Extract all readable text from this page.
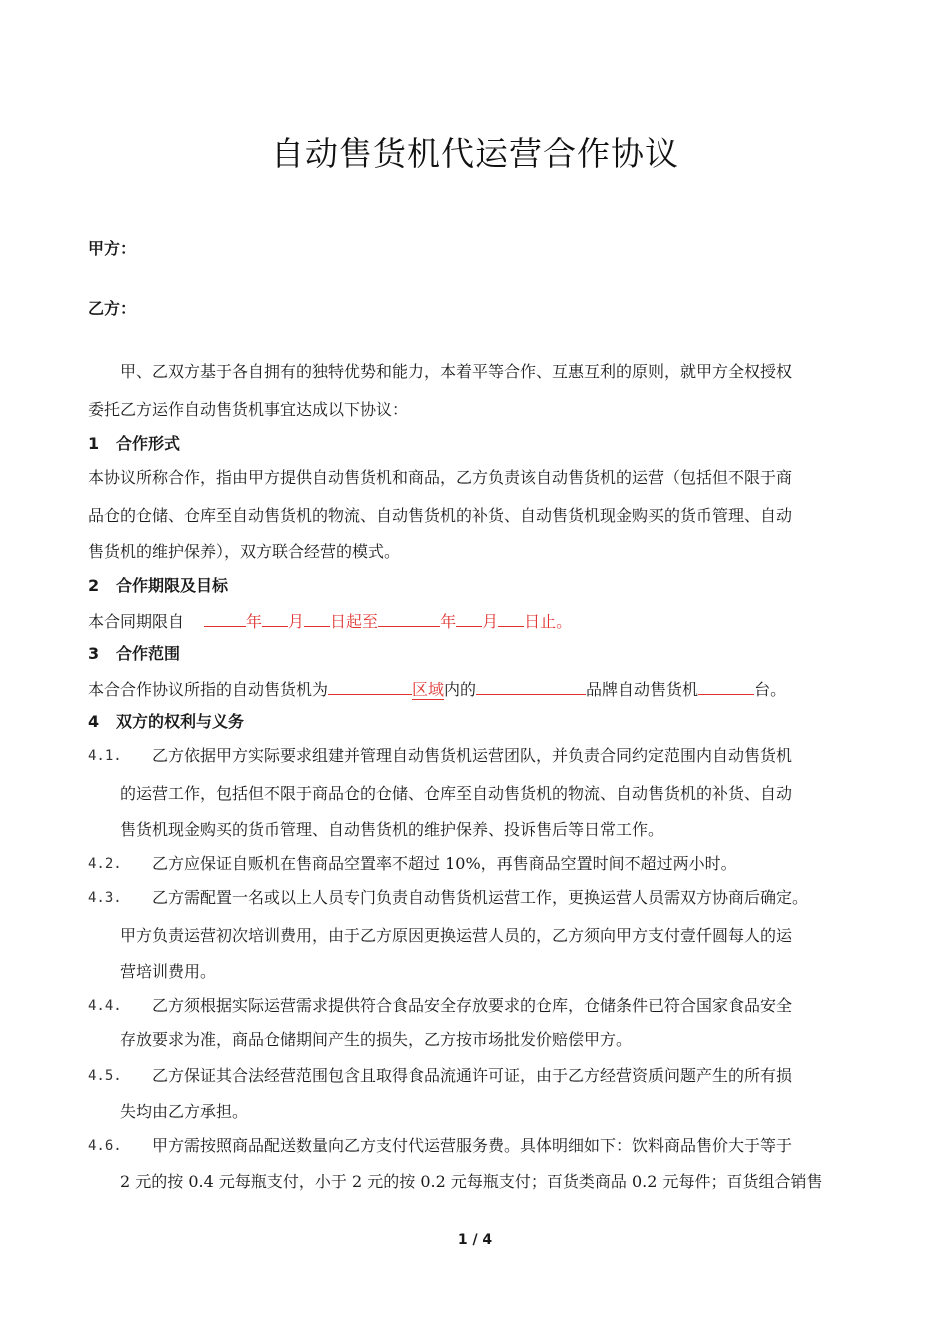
自动售货机代运营合作协议
甲方：
乙方：
甲、乙双方基于各自拥有的独特优势和能力，本着平等合作、互惠互利的原则，就甲方全权授权
委托乙方运作自动售货机事宜达成以下协议：
1 合作形式
本协议所称合作，指由甲方提供自动售货机和商品，乙方负责该自动售货机的运营（包括但不限于商
品仓的仓储、仓库至自动售货机的物流、自动售货机的补货、自动售货机现金购买的货币管理、自动
售货机的维护保养），双方联合经营的模式。
2 合作期限及目标
本合同期限自	年 月 日起至	年 月 日止。
3 合作范围
本合合作协议所指的自动售货机为	区域内的	品牌自动售货机	台。
4 双方的权利与义务
4.1. 乙方依据甲方实际要求组建并管理自动售货机运营团队，并负责合同约定范围内自动售货机
的运营工作，包括但不限于商品仓的仓储、仓库至自动售货机的物流、自动售货机的补货、自动
售货机现金购买的货币管理、自动售货机的维护保养、投诉售后等日常工作。
4.2. 乙方应保证自贩机在售商品空置率不超过 10%，再售商品空置时间不超过两小时。
4.3. 乙方需配置一名或以上人员专门负责自动售货机运营工作，更换运营人员需双方协商后确定。
甲方负责运营初次培训费用，由于乙方原因更换运营人员的，乙方须向甲方支付壹仟圆每人的运
营培训费用。
4.4. 乙方须根据实际运营需求提供符合食品安全存放要求的仓库，仓储条件已符合国家食品安全
存放要求为准，商品仓储期间产生的损失，乙方按市场批发价赔偿甲方。
4.5. 乙方保证其合法经营范围包含且取得食品流通许可证，由于乙方经营资质问题产生的所有损
失均由乙方承担。
4.6. 甲方需按照商品配送数量向乙方支付代运营服务费。具体明细如下：饮料商品售价大于等于
2 元的按 0.4 元每瓶支付，小于 2 元的按 0.2 元每瓶支付；百货类商品 0.2 元每件；百货组合销售
1 / 4
